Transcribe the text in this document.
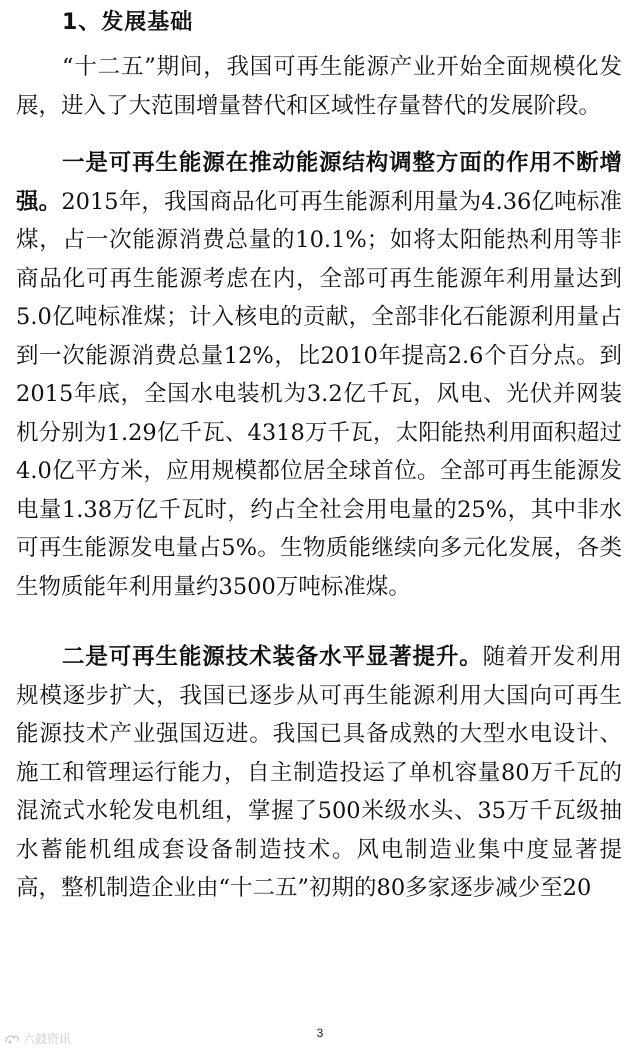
1、发展基础

“十二五”期间，我国可再生能源产业开始全面规模化发展，进入了大范围增量替代和区域性存量替代的发展阶段。

一是可再生能源在推动能源结构调整方面的作用不断增强。2015年，我国商品化可再生能源利用量为4.36亿吨标准煤，占一次能源消费总量的10.1%；如将太阳能热利用等非商品化可再生能源考虑在内，全部可再生能源年利用量达到5.0亿吨标准煤；计入核电的贡献，全部非化石能源利用量占到一次能源消费总量12%，比2010年提高2.6个百分点。到2015年底，全国水电装机为3.2亿千瓦，风电、光伏并网装机分别为1.29亿千瓦、4318万千瓦，太阳能热利用面积超过4.0亿平方米，应用规模都位居全球首位。全部可再生能源发电量1.38万亿千瓦时，约占全社会用电量的25%，其中非水可再生能源发电量占5%。生物质能继续向多元化发展，各类生物质能年利用量约3500万吨标准煤。

二是可再生能源技术装备水平显著提升。随着开发利用规模逐步扩大，我国已逐步从可再生能源利用大国向可再生能源技术产业强国迈进。我国已具备成熟的大型水电设计、施工和管理运行能力，自主制造投运了单机容量80万千瓦的混流式水轮发电机组，掌握了500米级水头、35万千瓦级抽水蓄能机组成套设备制造技术。风电制造业集中度显著提高，整机制造企业由“十二五”初期的80多家逐步减少至20

六鼓资讯	3
